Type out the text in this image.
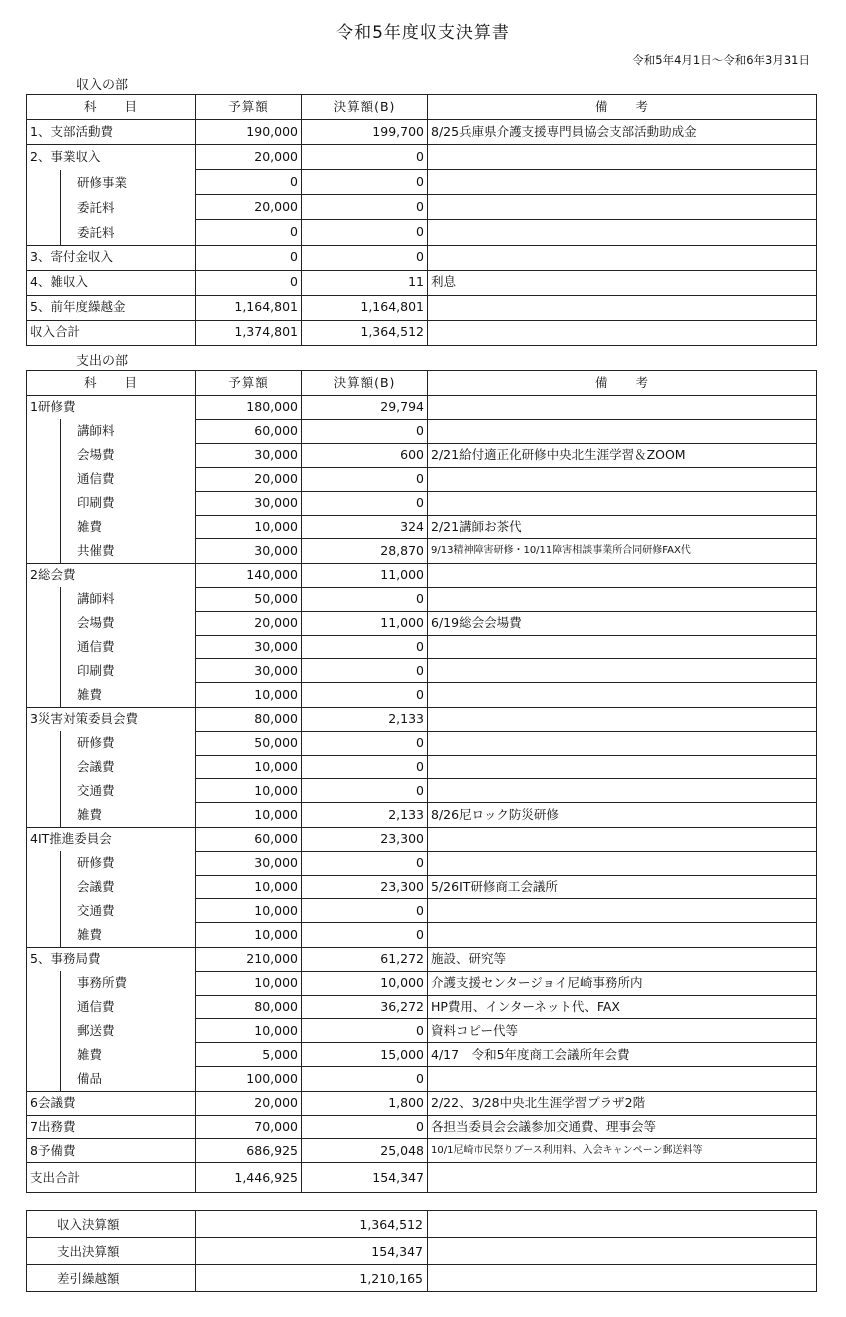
令和5年度収支決算書
令和5年4月1日～令和6年3月31日
収入の部
科　　目	予算額	決算額(B)	備　　考
1、支部活動費	190,000	199,700	8/25兵庫県介護支援専門員協会支部活動助成金
2、事業収入	20,000	0	

研修事業	0	0	

委託料	20,000	0	

委託料	0	0	
3、寄付金収入	0	0	
4、雑収入	0	11	利息
5、前年度繰越金	1,164,801	1,164,801	
収入合計	1,374,801	1,364,512	
支出の部
科　　目	予算額	決算額(B)	備　　考
1研修費	180,000	29,794	

講師料	60,000	0	

会場費	30,000	600	2/21給付適正化研修中央北生涯学習＆ZOOM

通信費	20,000	0	

印刷費	30,000	0	

雑費	10,000	324	2/21講師お茶代

共催費	30,000	28,870	9/13精神障害研修・10/11障害相談事業所合同研修FAX代
2総会費	140,000	11,000	

講師料	50,000	0	

会場費	20,000	11,000	6/19総会会場費

通信費	30,000	0	

印刷費	30,000	0	

雑費	10,000	0	
3災害対策委員会費	80,000	2,133	

研修費	50,000	0	

会議費	10,000	0	

交通費	10,000	0	

雑費	10,000	2,133	8/26尼ロック防災研修
4IT推進委員会	60,000	23,300	

研修費	30,000	0	

会議費	10,000	23,300	5/26IT研修商工会議所

交通費	10,000	0	

雑費	10,000	0	
5、事務局費	210,000	61,272	施設、研究等

事務所費	10,000	10,000	介護支援センタージョイ尼崎事務所内

通信費	80,000	36,272	HP費用、インターネット代、FAX

郵送費	10,000	0	資料コピー代等

雑費	5,000	15,000	4/17　令和5年度商工会議所年会費

備品	100,000	0	
6会議費	20,000	1,800	2/22、3/28中央北生涯学習プラザ2階
7出務費	70,000	0	各担当委員会会議参加交通費、理事会等
8予備費	686,925	25,048	10/1尼崎市民祭りブース利用料、入会キャンペーン郵送料等
支出合計	1,446,925	154,347	
収入決算額	1,364,512	
支出決算額	154,347	
差引繰越額	1,210,165	
